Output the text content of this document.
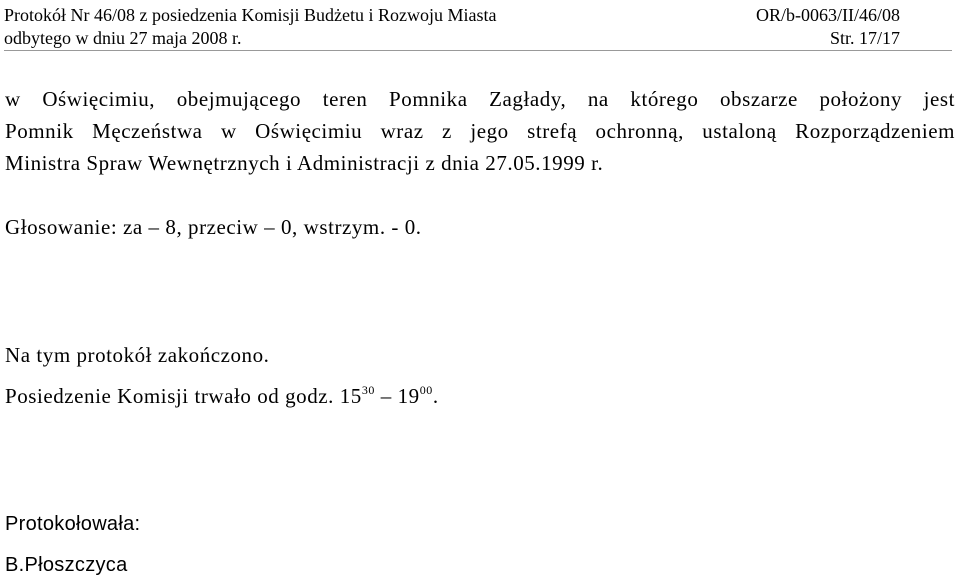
Protokół Nr 46/08 z posiedzenia Komisji Budżetu i Rozwoju Miasta	OR/b-0063/II/46/08
odbytego w dniu 27 maja 2008 r.	Str. 17/17
w Oświęcimiu, obejmującego teren Pomnika Zagłady, na którego obszarze położony jest
Pomnik Męczeństwa w Oświęcimiu wraz z jego strefą ochronną, ustaloną Rozporządzeniem
Ministra Spraw Wewnętrznych i Administracji z dnia 27.05.1999 r.
Głosowanie: za – 8, przeciw – 0, wstrzym. - 0.
Na tym protokół zakończono.
Posiedzenie Komisji trwało od godz. $15^{30} - 19^{00}$.
Protokołowała:
B.Płoszczyca
